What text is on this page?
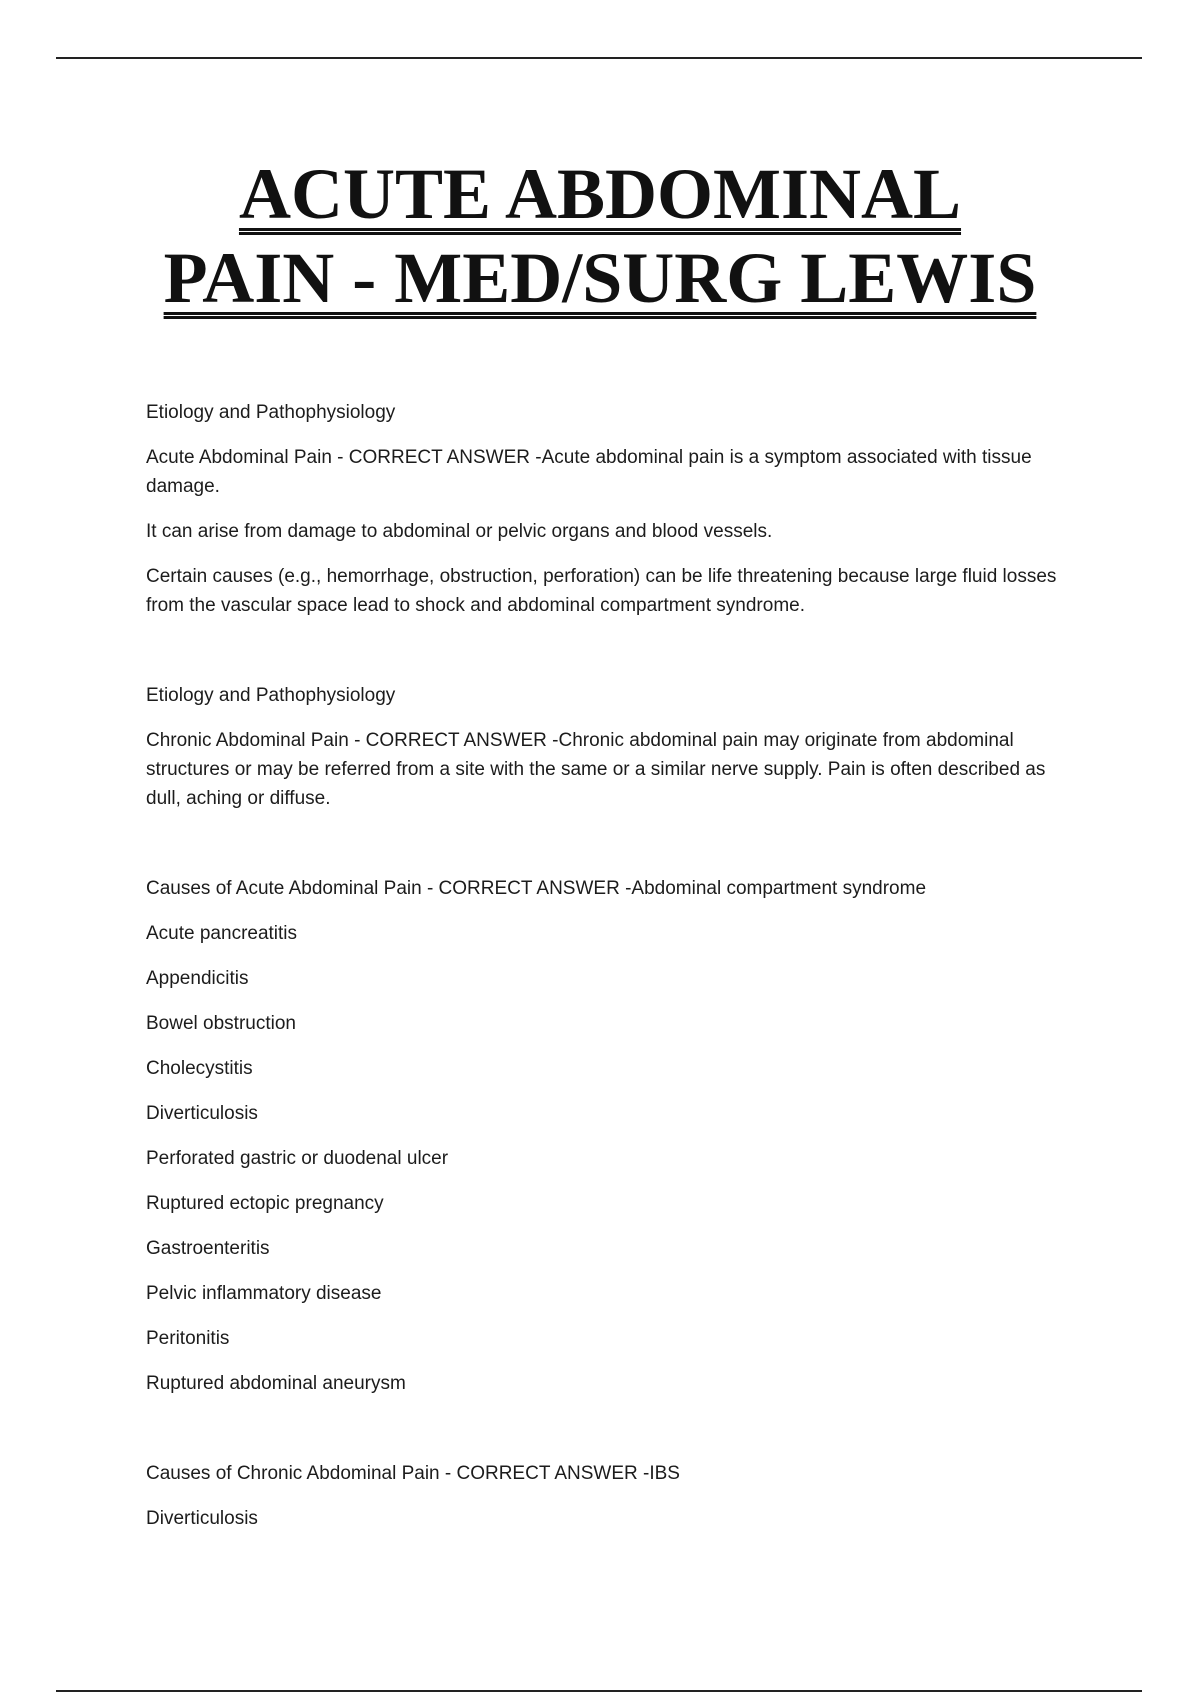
ACUTE ABDOMINAL
PAIN - MED/SURG LEWIS

Etiology and Pathophysiology

Acute Abdominal Pain - CORRECT ANSWER -Acute abdominal pain is a symptom associated with tissue damage.

It can arise from damage to abdominal or pelvic organs and blood vessels.

Certain causes (e.g., hemorrhage, obstruction, perforation) can be life threatening because large fluid losses from the vascular space lead to shock and abdominal compartment syndrome.

Etiology and Pathophysiology

Chronic Abdominal Pain - CORRECT ANSWER -Chronic abdominal pain may originate from abdominal structures or may be referred from a site with the same or a similar nerve supply. Pain is often described as dull, aching or diffuse.

Causes of Acute Abdominal Pain - CORRECT ANSWER -Abdominal compartment syndrome

Acute pancreatitis

Appendicitis

Bowel obstruction

Cholecystitis

Diverticulosis

Perforated gastric or duodenal ulcer

Ruptured ectopic pregnancy

Gastroenteritis

Pelvic inflammatory disease

Peritonitis

Ruptured abdominal aneurysm

Causes of Chronic Abdominal Pain - CORRECT ANSWER -IBS

Diverticulosis
